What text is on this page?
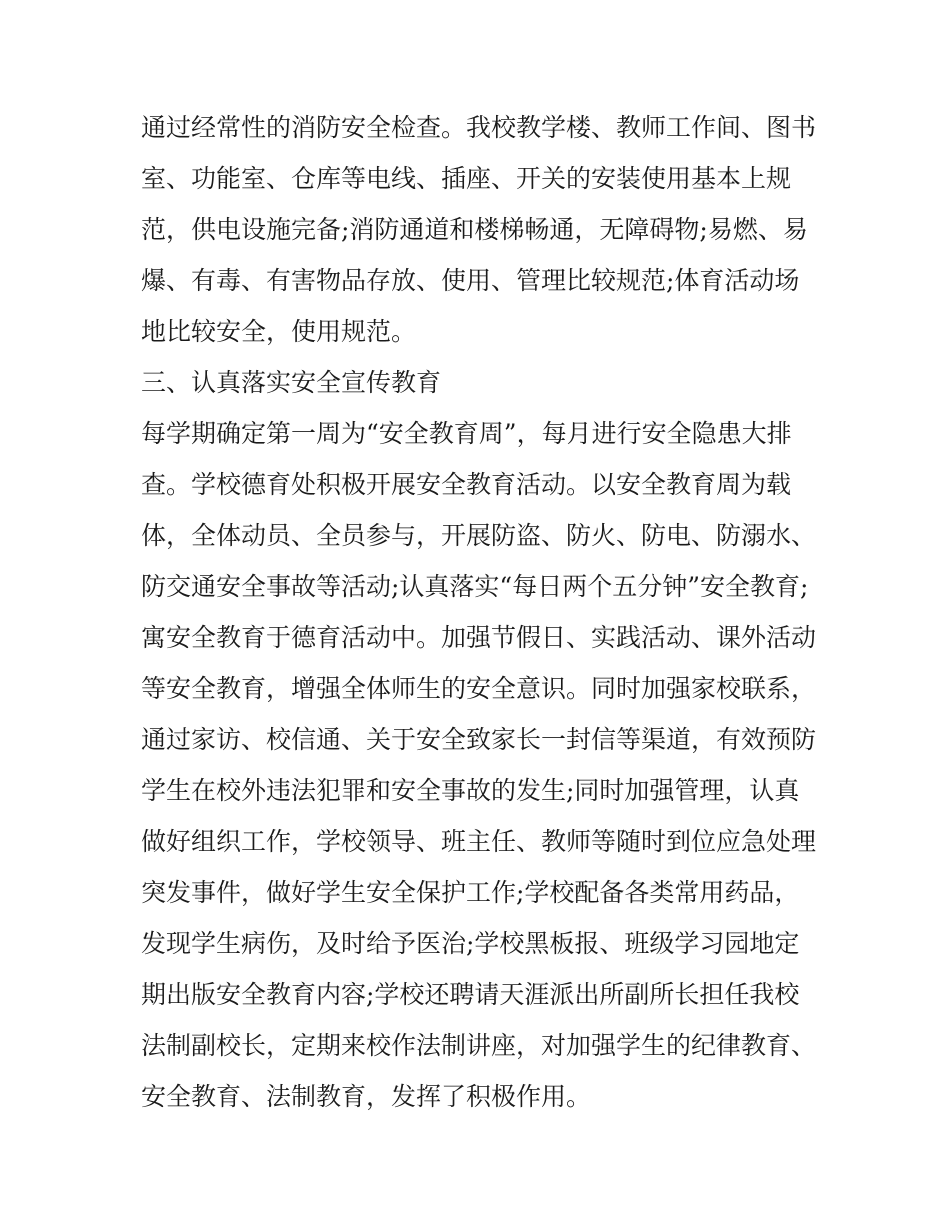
通过经常性的消防安全检查。我校教学楼、教师工作间、图书
室、功能室、仓库等电线、插座、开关的安装使用基本上规
范，供电设施完备;消防通道和楼梯畅通，无障碍物;易燃、易
爆、有毒、有害物品存放、使用、管理比较规范;体育活动场
地比较安全，使用规范。
三、认真落实安全宣传教育
每学期确定第一周为“安全教育周”，每月进行安全隐患大排
查。学校德育处积极开展安全教育活动。以安全教育周为载
体，全体动员、全员参与，开展防盗、防火、防电、防溺水、
防交通安全事故等活动;认真落实“每日两个五分钟”安全教育;
寓安全教育于德育活动中。加强节假日、实践活动、课外活动
等安全教育，增强全体师生的安全意识。同时加强家校联系，
通过家访、校信通、关于安全致家长一封信等渠道，有效预防
学生在校外违法犯罪和安全事故的发生;同时加强管理，认真
做好组织工作，学校领导、班主任、教师等随时到位应急处理
突发事件，做好学生安全保护工作;学校配备各类常用药品，
发现学生病伤，及时给予医治;学校黑板报、班级学习园地定
期出版安全教育内容;学校还聘请天涯派出所副所长担任我校
法制副校长，定期来校作法制讲座，对加强学生的纪律教育、
安全教育、法制教育，发挥了积极作用。
